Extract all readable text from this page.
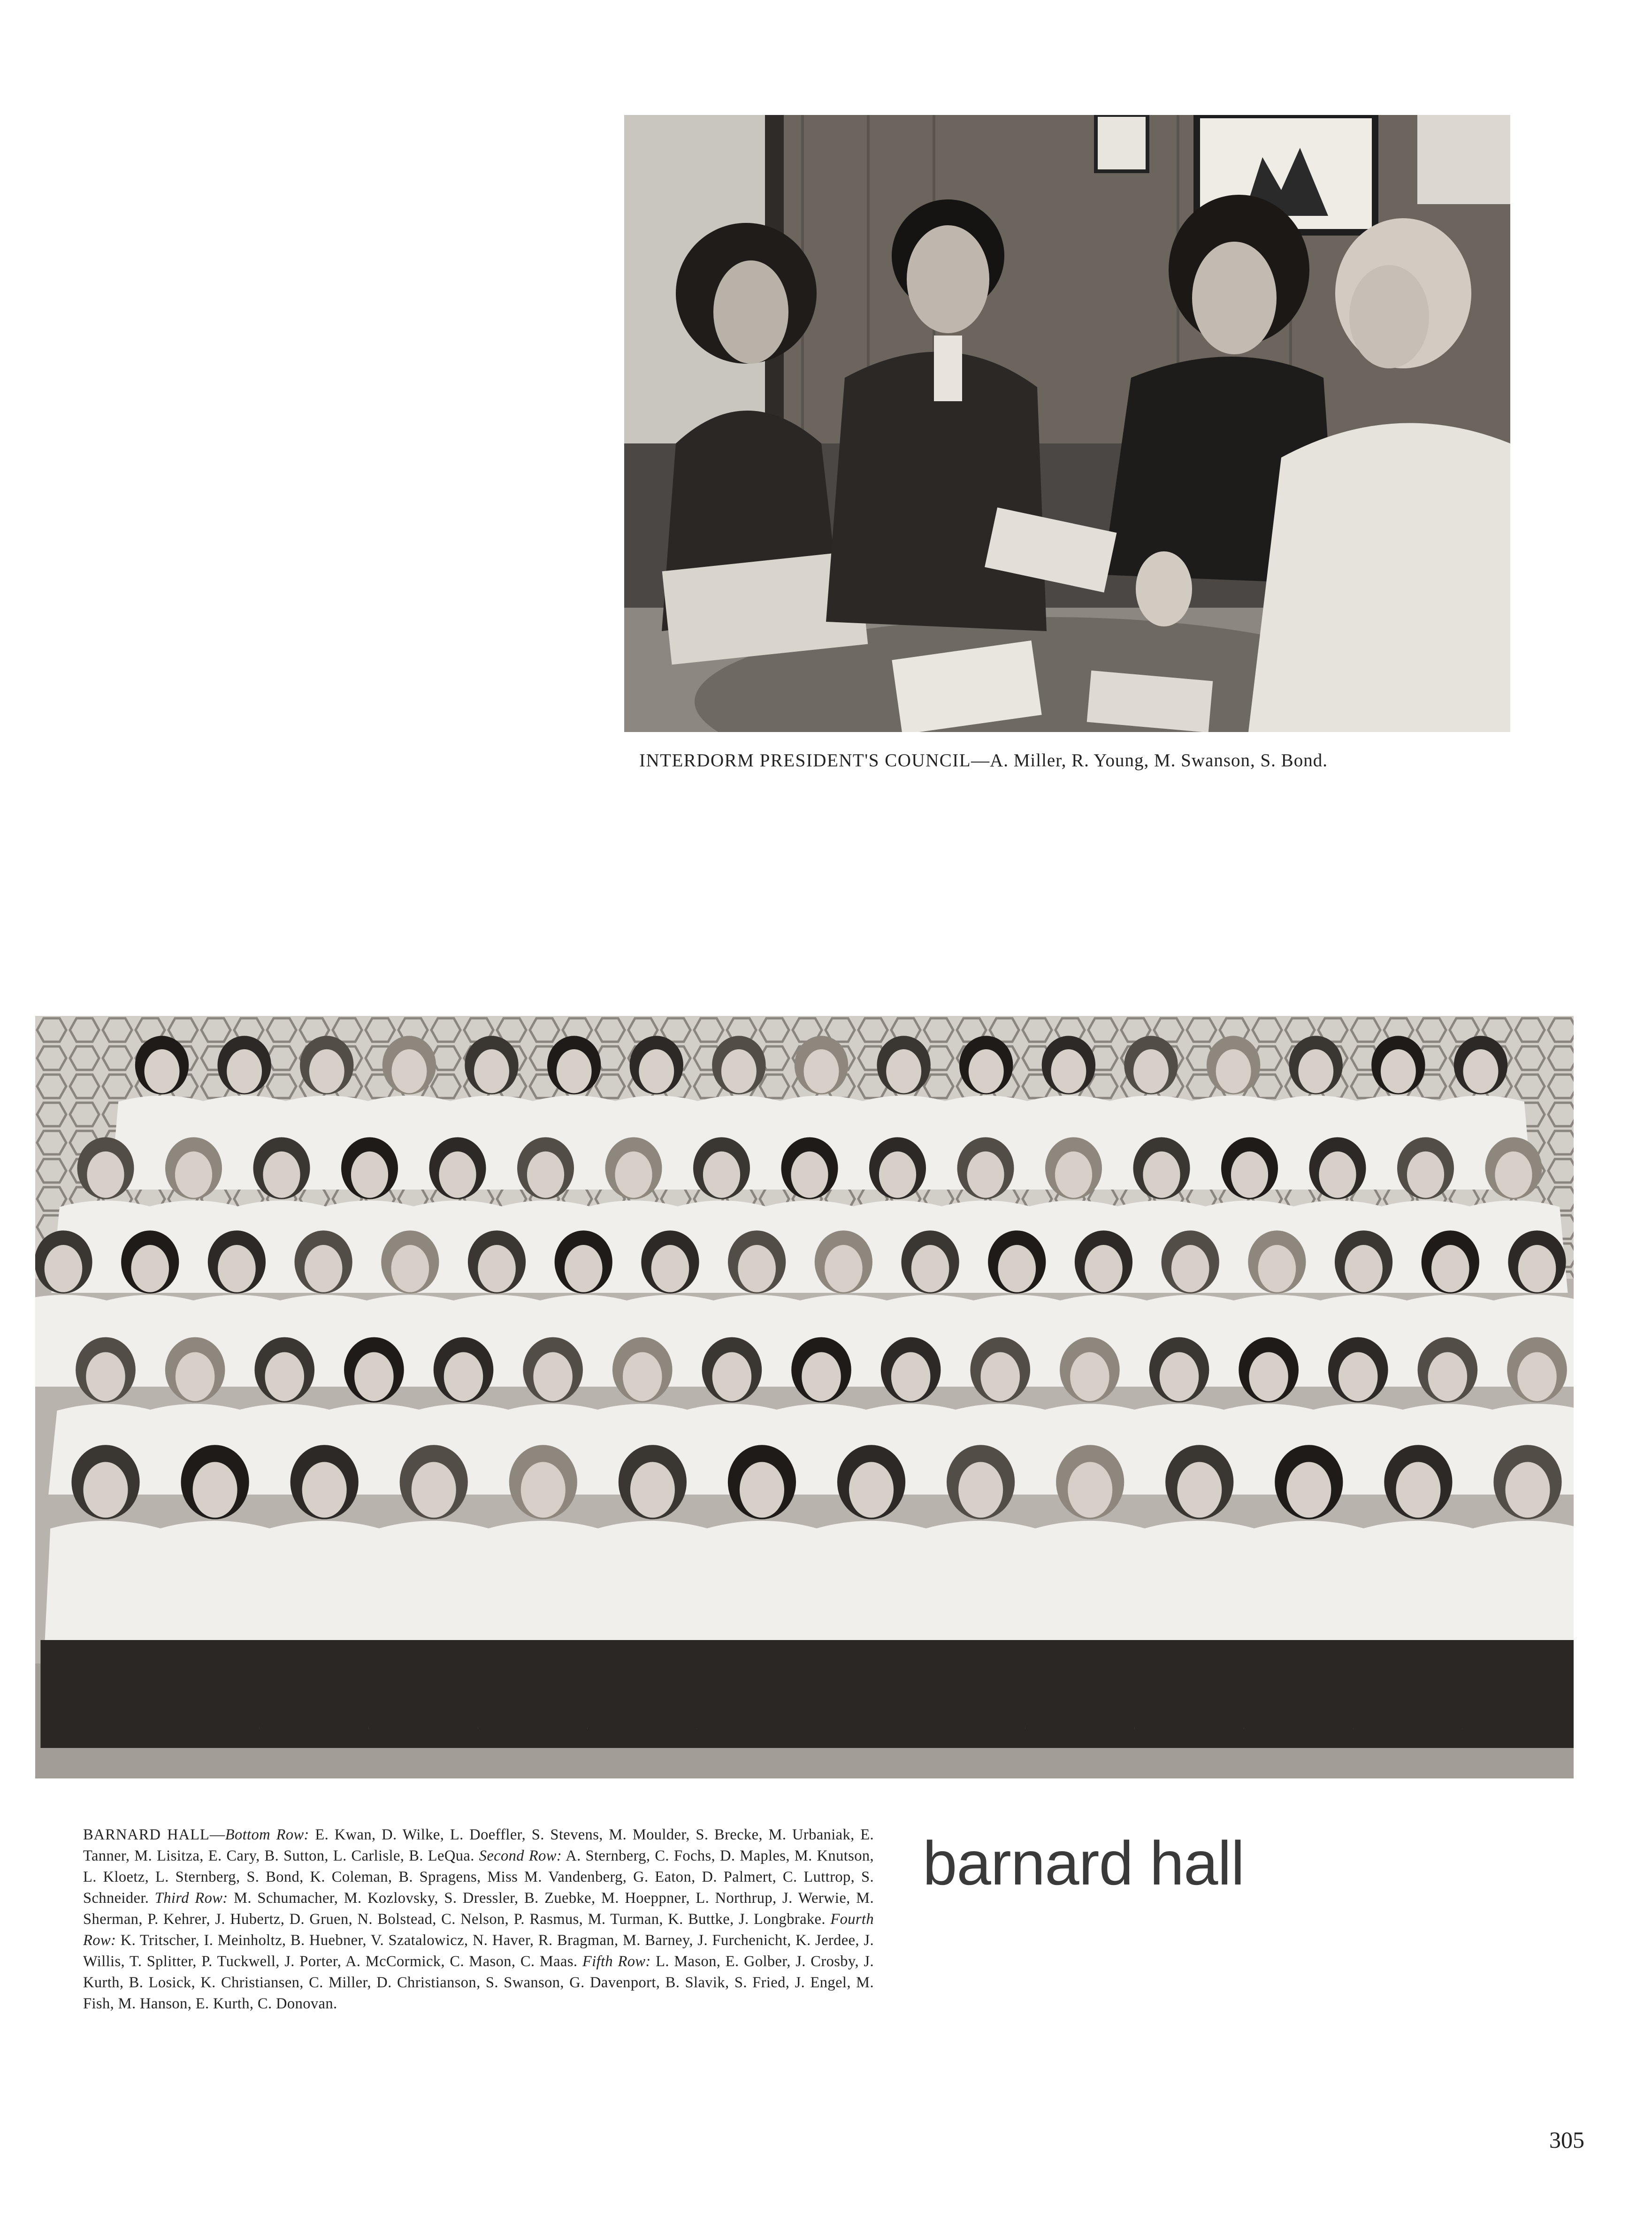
INTERDORM PRESIDENT'S COUNCIL—A. Miller, R. Young, M. Swanson, S. Bond.
BARNARD HALL—Bottom Row: E. Kwan, D. Wilke, L. Doeffler, S. Stevens, M. Moulder, S. Brecke, M. Urbaniak, E. Tanner, M. Lisitza, E. Cary, B. Sutton, L. Carlisle, B. LeQua. Second Row: A. Sternberg, C. Fochs, D. Maples, M. Knutson, L. Kloetz, L. Sternberg, S. Bond, K. Coleman, B. Spragens, Miss M. Vandenberg, G. Eaton, D. Palmert, C. Luttrop, S. Schneider. Third Row: M. Schumacher, M. Kozlovsky, S. Dressler, B. Zuebke, M. Hoeppner, L. Northrup, J. Werwie, M. Sherman, P. Kehrer, J. Hubertz, D. Gruen, N. Bolstead, C. Nelson, P. Rasmus, M. Turman, K. Buttke, J. Longbrake. Fourth Row: K. Tritscher, I. Meinholtz, B. Huebner, V. Szatalowicz, N. Haver, R. Bragman, M. Barney, J. Furchenicht, K. Jerdee, J. Willis, T. Splitter, P. Tuckwell, J. Porter, A. McCormick, C. Mason, C. Maas. Fifth Row: L. Mason, E. Golber, J. Crosby, J. Kurth, B. Losick, K. Christiansen, C. Miller, D. Christianson, S. Swanson, G. Davenport, B. Slavik, S. Fried, J. Engel, M. Fish, M. Hanson, E. Kurth, C. Donovan.
barnard hall
305
